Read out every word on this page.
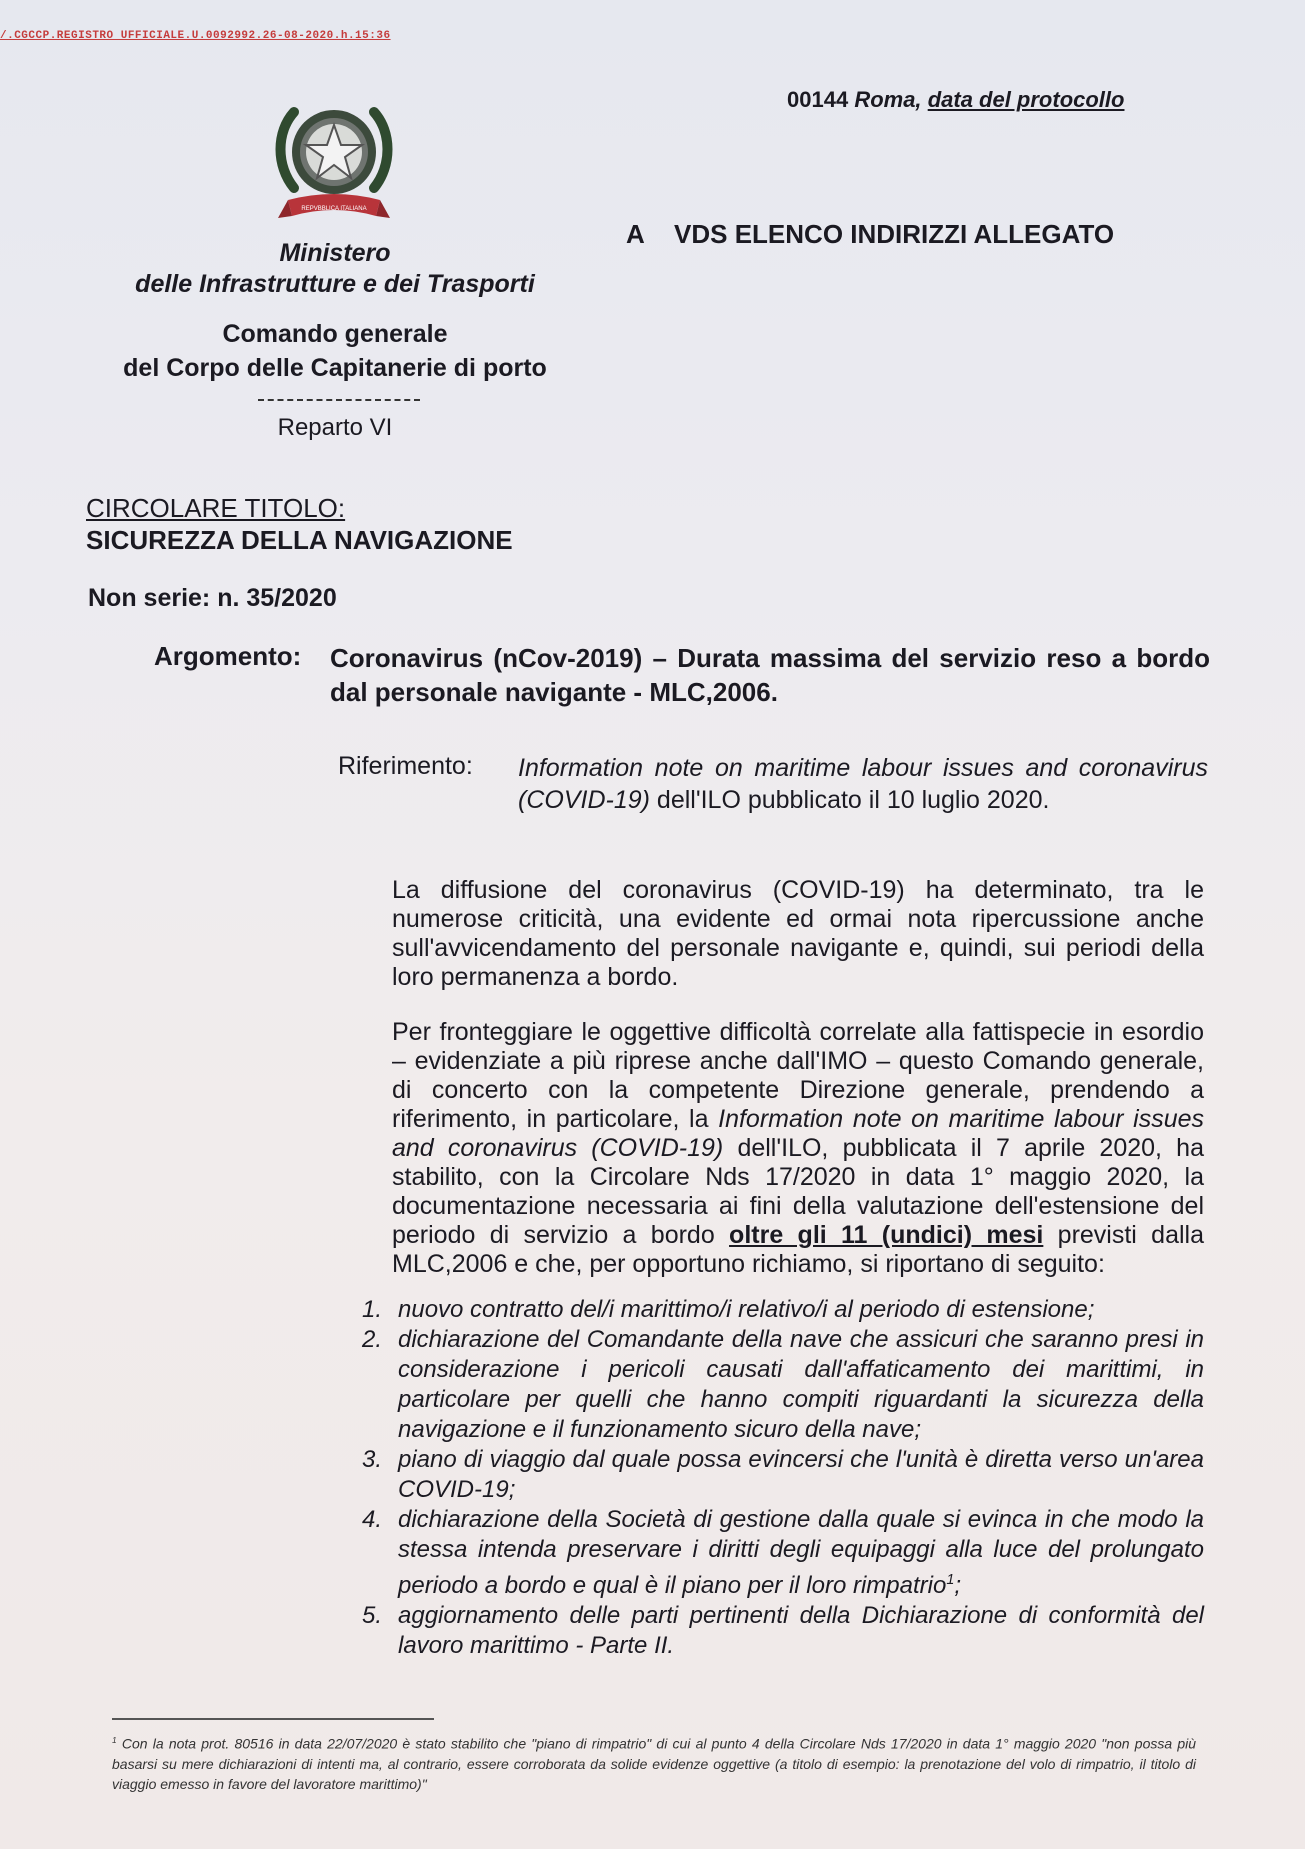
/.CGCCP.REGISTRO UFFICIALE.U.0092992.26-08-2020.h.15:36
00144 Roma, data del protocollo
REPVBBLICA ITALIANA
A VDS ELENCO INDIRIZZI ALLEGATO
Ministero
delle Infrastrutture e dei Trasporti
Comando generale
del Corpo delle Capitanerie di porto
Reparto VI
CIRCOLARE TITOLO:
SICUREZZA DELLA NAVIGAZIONE
Non serie: n. 35/2020
Argomento: Coronavirus (nCov-2019) – Durata massima del servizio reso a bordo dal personale navigante - MLC,2006.
Riferimento: Information note on maritime labour issues and coronavirus (COVID-19) dell'ILO pubblicato il 10 luglio 2020.
La diffusione del coronavirus (COVID-19) ha determinato, tra le numerose criticità, una evidente ed ormai nota ripercussione anche sull'avvicendamento del personale navigante e, quindi, sui periodi della loro permanenza a bordo.
Per fronteggiare le oggettive difficoltà correlate alla fattispecie in esordio – evidenziate a più riprese anche dall'IMO – questo Comando generale, di concerto con la competente Direzione generale, prendendo a riferimento, in particolare, la Information note on maritime labour issues and coronavirus (COVID-19) dell'ILO, pubblicata il 7 aprile 2020, ha stabilito, con la Circolare Nds 17/2020 in data 1° maggio 2020, la documentazione necessaria ai fini della valutazione dell'estensione del periodo di servizio a bordo oltre gli 11 (undici) mesi previsti dalla MLC,2006 e che, per opportuno richiamo, si riportano di seguito:
1. nuovo contratto del/i marittimo/i relativo/i al periodo di estensione;
2. dichiarazione del Comandante della nave che assicuri che saranno presi in considerazione i pericoli causati dall'affaticamento dei marittimi, in particolare per quelli che hanno compiti riguardanti la sicurezza della navigazione e il funzionamento sicuro della nave;
3. piano di viaggio dal quale possa evincersi che l'unità è diretta verso un'area COVID-19;
4. dichiarazione della Società di gestione dalla quale si evinca in che modo la stessa intenda preservare i diritti degli equipaggi alla luce del prolungato periodo a bordo e qual è il piano per il loro rimpatrio$^1$;
5. aggiornamento delle parti pertinenti della Dichiarazione di conformità del lavoro marittimo - Parte II.
$^1$ Con la nota prot. 80516 in data 22/07/2020 è stato stabilito che "piano di rimpatrio" di cui al punto 4 della Circolare Nds 17/2020 in data 1° maggio 2020 "non possa più basarsi su mere dichiarazioni di intenti ma, al contrario, essere corroborata da solide evidenze oggettive (a titolo di esempio: la prenotazione del volo di rimpatrio, il titolo di viaggio emesso in favore del lavoratore marittimo)"
